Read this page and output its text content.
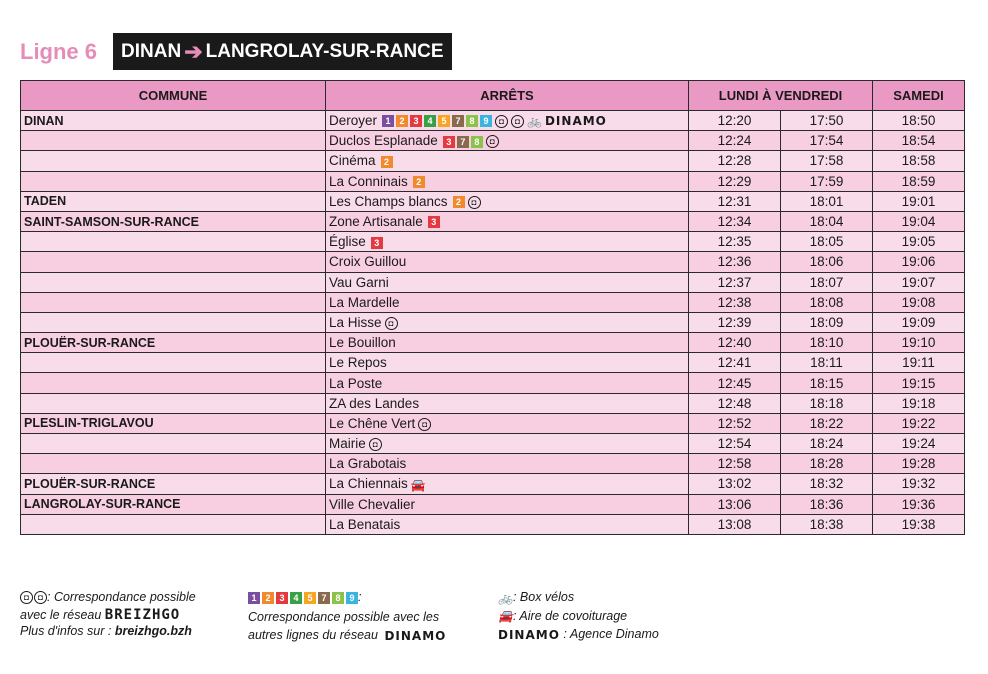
Ligne 6 DINAN ➔ LANGROLAY-SUR-RANCE
COMMUNE	ARRÊTS	LUNDI À VENDREDI		SAMEDI
DINAN	Deroyer 1 2 3 4 5 7 8 9 ◘ ◘ 🚲 DINAMO	12:20	17:50	18:50
	Duclos Esplanade 3 7 8 ◘	12:24	17:54	18:54
	Cinéma 2	12:28	17:58	18:58
	La Conninais 2	12:29	17:59	18:59
TADEN	Les Champs blancs 2 ◘	12:31	18:01	19:01
SAINT-SAMSON-SUR-RANCE	Zone Artisanale 3	12:34	18:04	19:04
	Église 3	12:35	18:05	19:05
	Croix Guillou	12:36	18:06	19:06
	Vau Garni	12:37	18:07	19:07
	La Mardelle	12:38	18:08	19:08
	La Hisse ◘	12:39	18:09	19:09
PLOUËR-SUR-RANCE	Le Bouillon	12:40	18:10	19:10
	Le Repos	12:41	18:11	19:11
	La Poste	12:45	18:15	19:15
	ZA des Landes	12:48	18:18	19:18
PLESLIN-TRIGLAVOU	Le Chêne Vert ◘	12:52	18:22	19:22
	Mairie ◘	12:54	18:24	19:24
	La Grabotais	12:58	18:28	19:28
PLOUËR-SUR-RANCE	La Chiennais 🚘	13:02	18:32	19:32
LANGROLAY-SUR-RANCE	Ville Chevalier	13:06	18:36	19:36
	La Benatais	13:08	18:38	19:38
◘ ◘ : Correspondance possible
avec le réseau BREIZHGO
Plus d'infos sur : breizhgo.bzh
1 2 3 4 5 7 8 9 :
Correspondance possible avec les
autres lignes du réseau DINAMO
🚲: Box vélos
🚘: Aire de covoiturage
DINAMO : Agence Dinamo
